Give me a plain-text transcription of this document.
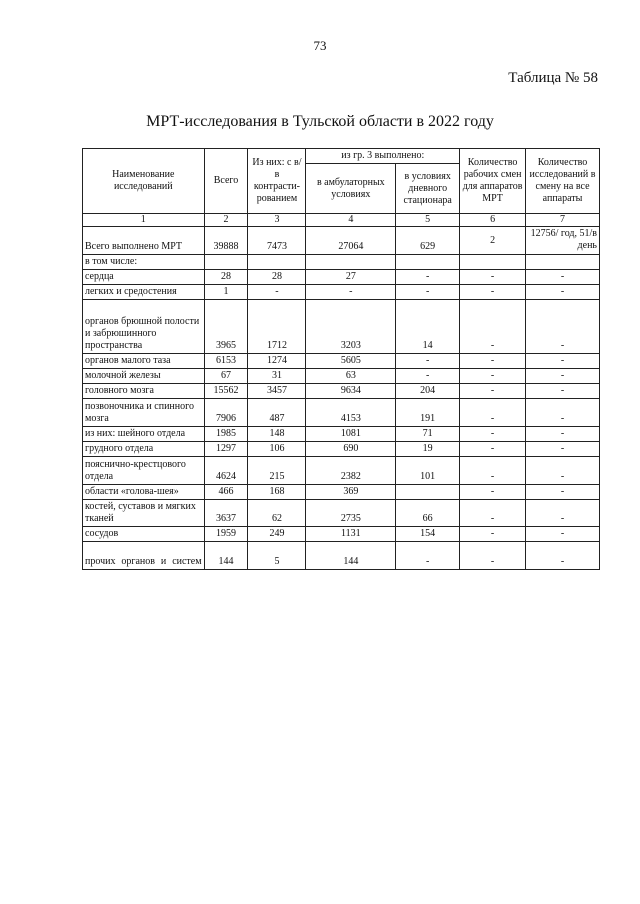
73
Таблица № 58
МРТ-исследования в Тульской области в 2022 году
Наименование исследований	Всего	Из них: с в/в контрасти-рованием	из гр. 3 выполнено:		Количество рабочих смен для аппаратов МРТ	Количество исследований в смену на все аппараты
			в амбулаторных условиях	в условиях дневного стационара		
1	2	3	4	5	6	7
Всего выполнено МРТ	39888	7473	27064	629	2	12756/ год, 51/в день
в том числе:						
сердца	28	28	27	-	-	-
легких и средостения	1	-	-	-	-	-
органов брюшной полости и забрюшинного пространства	3965	1712	3203	14	-	-
органов малого таза	6153	1274	5605	-	-	-
молочной железы	67	31	63	-	-	-
головного мозга	15562	3457	9634	204	-	-
позвоночника и спинного мозга	7906	487	4153	191	-	-
из них: шейного отдела	1985	148	1081	71	-	-
грудного отдела	1297	106	690	19	-	-
пояснично-крестцового отдела	4624	215	2382	101	-	-
области «голова-шея»	466	168	369		-	-
костей, суставов и мягких тканей	3637	62	2735	66	-	-
сосудов	1959	249	1131	154	-	-
прочих органов и систем	144	5	144	-	-	-
